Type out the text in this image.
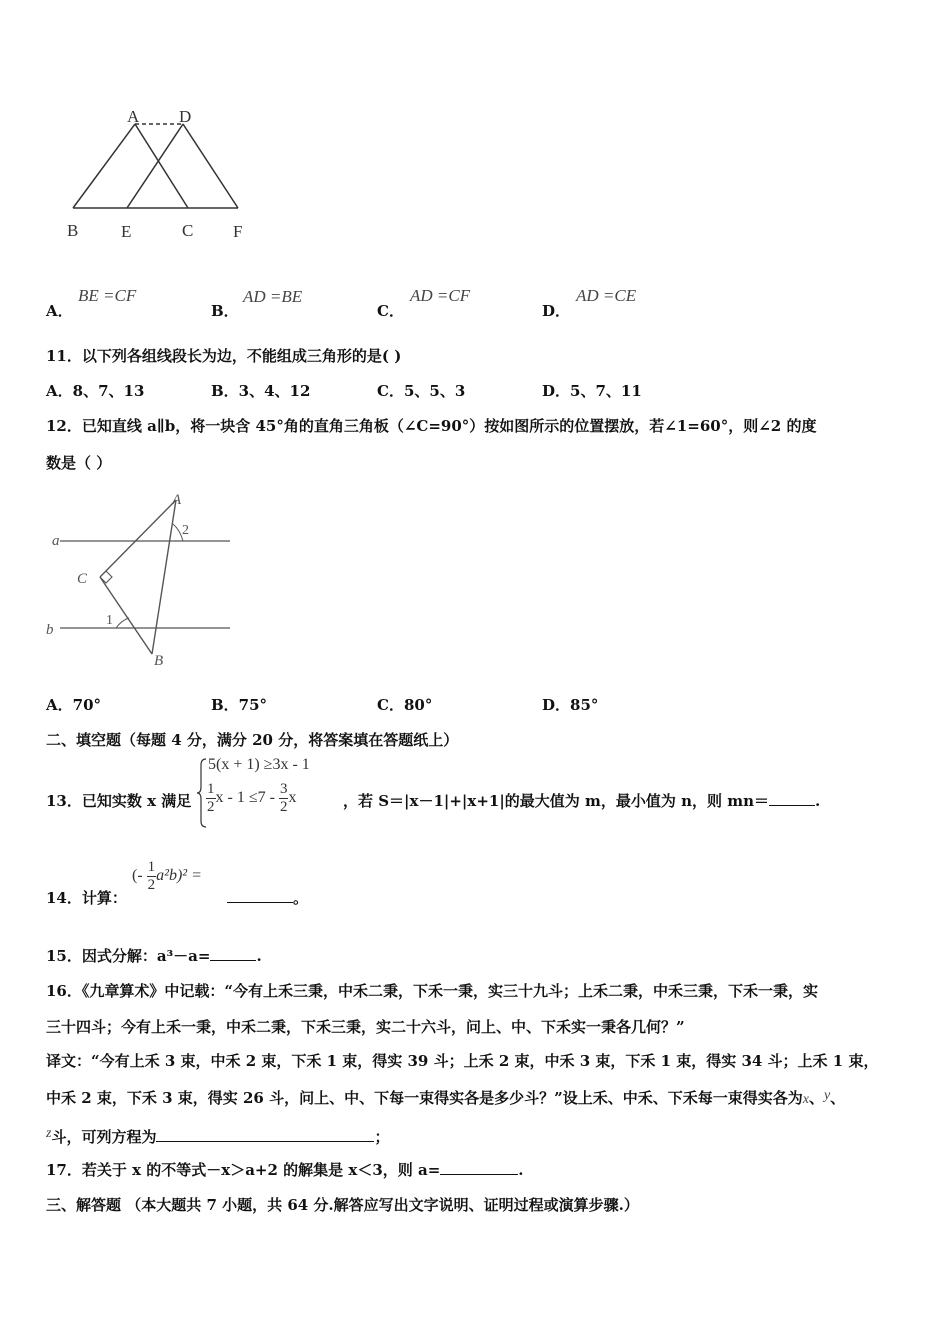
A D
B	E	C F
A．
BE =CF
B．
AD =BE
C．
AD =CF
D．
AD =CE
11．以下列各组线段长为边，不能组成三角形的是( )
A．8、7、13	B．3、4、12	C．5、5、3	D．5、7、11
12．已知直线 a∥b，将一块含 45°角的直角三角板（∠C=90°）按如图所示的位置摆放，若∠1=60°，则∠2 的度
数是（ ）
A
2
a
C
1
b
B
A．70°	B．75°	C．80°	D．85°
二、填空题（每题 4 分，满分 20 分，将答案填在答题纸上）
13．已知实数 x 满足
5(x + 1) ≥3x - 1
$\frac{1}{2}$ $x - 1 \le 7 - \frac{3}{2}$ x	，若 S＝|x－1|+|x+1|的最大值为 m，最小值为 n，则 mn＝	.
14．计算：
(- $\frac{1}{2} a^2b)^2$ =
。
15．因式分解：a³－a=	.
16．《九章算术》中记载：“今有上禾三秉，中禾二秉，下禾一秉，实三十九斗；上禾二秉，中禾三秉，下禾一秉，实
三十四斗；今有上禾一秉，中禾二秉，下禾三秉，实二十六斗，问上、中、下禾实一秉各几何？”
译文：“今有上禾 3 束，中禾 2 束，下禾 1 束，得实 39 斗；上禾 2 束，中禾 3 束，下禾 1 束，得实 34 斗；上禾 1 束，
中禾 2 束，下禾 3 束，得实 26 斗，问上、中、下每一束得实各是多少斗？”设上禾、中禾、下禾每一束得实各为x、y、
z斗，可列方程为	；
17．若关于 x 的不等式－x＞a+2 的解集是 x＜3，则 a=	.
三、解答题 （本大题共 7 小题，共 64 分.解答应写出文字说明、证明过程或演算步骤.）
